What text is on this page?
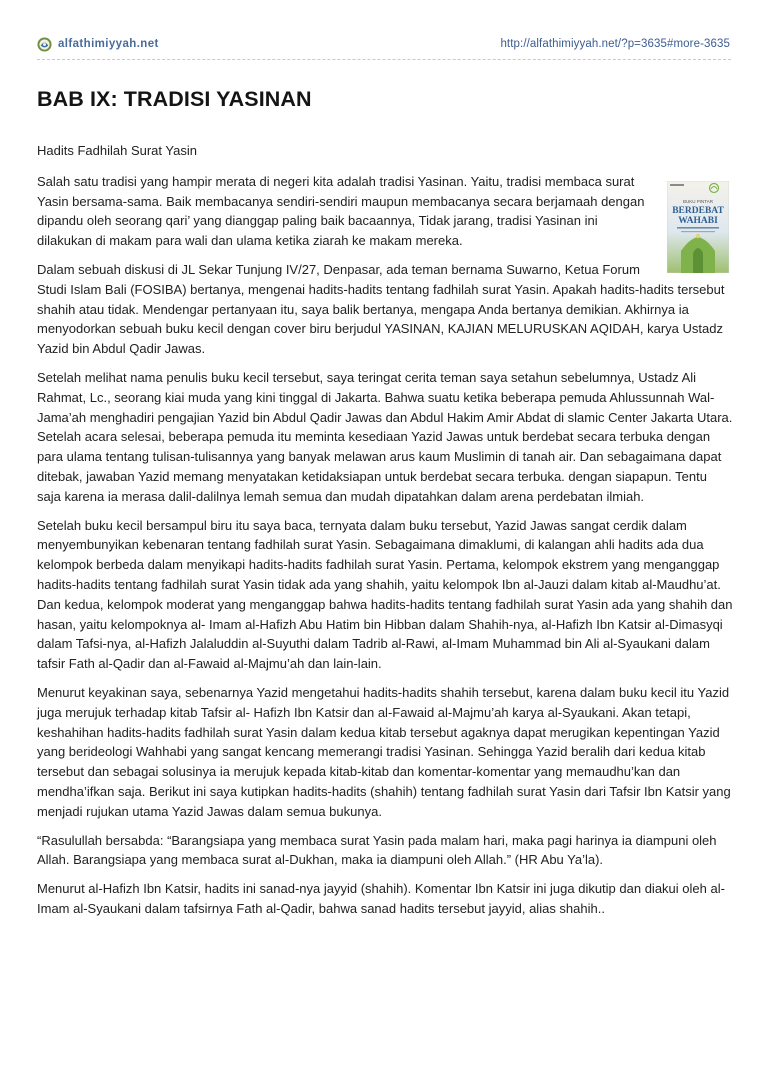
alfathimiyyah.net	http://alfathimiyyah.net/?p=3635#more-3635
BAB IX: TRADISI YASINAN

Hadits Fadhilah Surat Yasin

BUKU PINTAR
BERDEBAT
WAHABI

Salah satu tradisi yang hampir merata di negeri kita adalah tradisi Yasinan. Yaitu, tradisi membaca surat Yasin bersama-sama. Baik membacanya sendiri-sendiri maupun membacanya secara berjamaah dengan dipandu oleh seorang qari’ yang dianggap paling baik bacaannya, Tidak jarang, tradisi Yasinan ini dilakukan di makam para wali dan ulama ketika ziarah ke makam mereka.

Dalam sebuah diskusi di JL Sekar Tunjung IV/27, Denpasar, ada teman bernama Suwarno, Ketua Forum Studi Islam Bali (FOSIBA) bertanya, mengenai hadits-hadits tentang fadhilah surat Yasin. Apakah hadits-hadits tersebut shahih atau tidak. Mendengar pertanyaan itu, saya balik bertanya, mengapa Anda bertanya demikian. Akhirnya ia menyodorkan sebuah buku kecil dengan cover biru berjudul YASINAN, KAJIAN MELURUSKAN AQIDAH, karya Ustadz Yazid bin Abdul Qadir Jawas.

Setelah melihat nama penulis buku kecil tersebut, saya teringat cerita teman saya setahun sebelumnya, Ustadz Ali Rahmat, Lc., seorang kiai muda yang kini tinggal di Jakarta. Bahwa suatu ketika beberapa pemuda Ahlussunnah Wal-Jama’ah menghadiri pengajian Yazid bin Abdul Qadir Jawas dan Abdul Hakim Amir Abdat di slamic Center Jakarta Utara. Setelah acara selesai, beberapa pemuda itu meminta kesediaan Yazid Jawas untuk berdebat secara terbuka dengan para ulama tentang tulisan-tulisannya yang banyak melawan arus kaum Muslimin di tanah air. Dan sebagaimana dapat ditebak, jawaban Yazid memang menyatakan ketidaksiapan untuk berdebat secara terbuka. dengan siapapun. Tentu saja karena ia merasa dalil-dalilnya lemah semua dan mudah dipatahkan dalam arena perdebatan ilmiah.

Setelah buku kecil bersampul biru itu saya baca, ternyata dalam buku tersebut, Yazid Jawas sangat cerdik dalam menyembunyikan kebenaran tentang fadhilah surat Yasin. Sebagaimana dimaklumi, di kalangan ahli hadits ada dua kelompok berbeda dalam menyikapi hadits-hadits fadhilah surat Yasin. Pertama, kelompok ekstrem yang menganggap hadits-hadits tentang fadhilah surat Yasin tidak ada yang shahih, yaitu kelompok Ibn al-Jauzi dalam kitab al-Maudhu’at. Dan kedua, kelompok moderat yang menganggap bahwa hadits-hadits tentang fadhilah surat Yasin ada yang shahih dan hasan, yaitu kelompoknya al- Imam al-Hafizh Abu Hatim bin Hibban dalam Shahih-nya, al-Hafizh Ibn Katsir al-Dimasyqi dalam Tafsi-nya, al-Hafizh Jalaluddin al-Suyuthi dalam Tadrib al-Rawi, al-Imam Muhammad bin Ali al-Syaukani dalam tafsir Fath al-Qadir dan al-Fawaid al-Majmu’ah dan lain-lain.

Menurut keyakinan saya, sebenarnya Yazid mengetahui hadits-hadits shahih tersebut, karena dalam buku kecil itu Yazid juga merujuk terhadap kitab Tafsir al- Hafizh Ibn Katsir dan al-Fawaid al-Majmu’ah karya al-Syaukani. Akan tetapi, keshahihan hadits-hadits fadhilah surat Yasin dalam kedua kitab tersebut agaknya dapat merugikan kepentingan Yazid yang berideologi Wahhabi yang sangat kencang memerangi tradisi Yasinan. Sehingga Yazid beralih dari kedua kitab tersebut dan sebagai solusinya ia merujuk kepada kitab-kitab dan komentar-komentar yang memaudhu’kan dan mendha’ifkan saja. Berikut ini saya kutipkan hadits-hadits (shahih) tentang fadhilah surat Yasin dari Tafsir Ibn Katsir yang menjadi rujukan utama Yazid Jawas dalam semua bukunya.

“Rasulullah bersabda: “Barangsiapa yang membaca surat Yasin pada malam hari, maka pagi harinya ia diampuni oleh Allah. Barangsiapa yang membaca surat al-Dukhan, maka ia diampuni oleh Allah.” (HR Abu Ya’la).

Menurut al-Hafizh Ibn Katsir, hadits ini sanad-nya jayyid (shahih). Komentar Ibn Katsir ini juga dikutip dan diakui oleh al-Imam al-Syaukani dalam tafsirnya Fath al-Qadir, bahwa sanad hadits tersebut jayyid, alias shahih..
